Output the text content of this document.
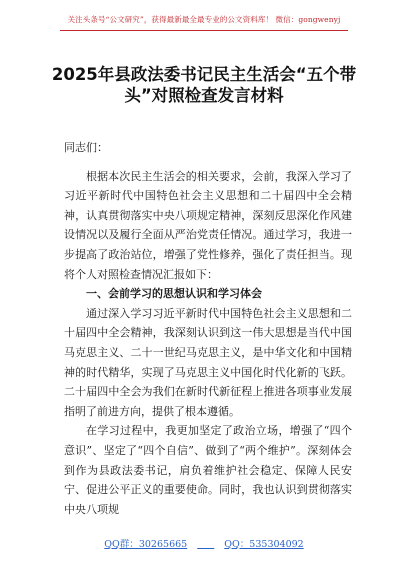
关注头条号“公文研究”，获得最新最全最专业的公文资料库！ 微信：gongwenyj
2025年县政法委书记民主生活会“五个带头”对照检查发言材料

同志们：

根据本次民主生活会的相关要求，会前，我深入学习了习近平新时代中国特色社会主义思想和二十届四中全会精神，认真贯彻落实中央八项规定精神，深刻反思深化作风建设情况以及履行全面从严治党责任情况。通过学习，我进一步提高了政治站位，增强了党性修养，强化了责任担当。现将个人对照检查情况汇报如下：

一、会前学习的思想认识和学习体会

通过深入学习习近平新时代中国特色社会主义思想和二十届四中全会精神，我深刻认识到这一伟大思想是当代中国马克思主义、二十一世纪马克思主义，是中华文化和中国精神的时代精华，实现了马克思主义中国化时代化新的飞跃。二十届四中全会为我们在新时代新征程上推进各项事业发展指明了前进方向，提供了根本遵循。

在学习过程中，我更加坚定了政治立场，增强了“四个意识”、坚定了“四个自信”、做到了“两个维护”。深刻体会到作为县政法委书记，肩负着维护社会稳定、保障人民安宁、促进公平正义的重要使命。同时，我也认识到贯彻落实中央八项规

QQ群：30265665	QQ：535304092
